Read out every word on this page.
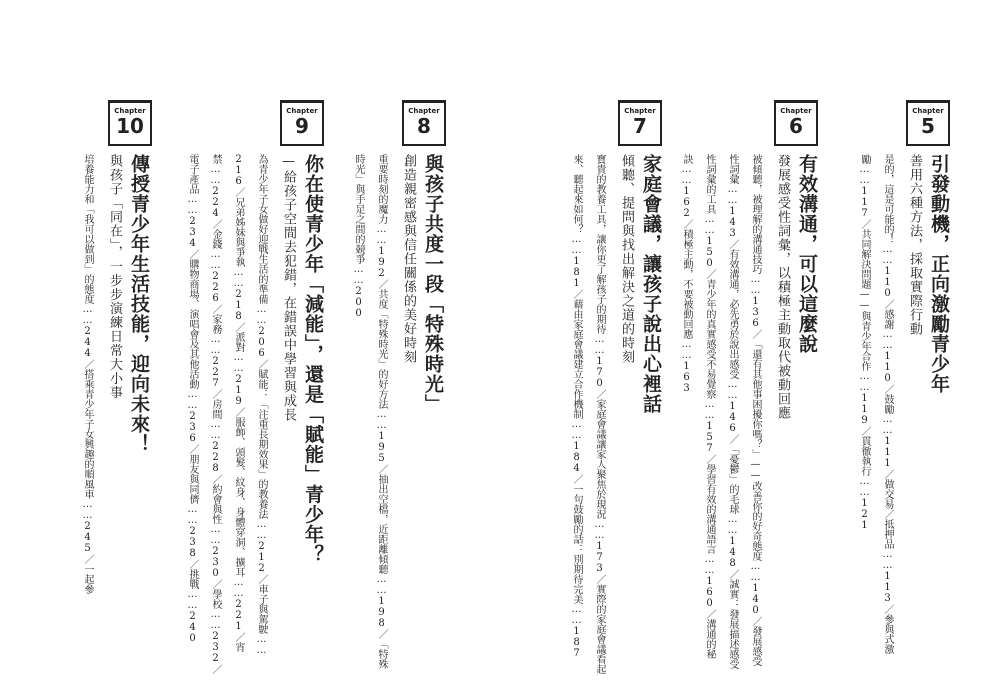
Chapter
5
引發動機，正向激勵青少年
善用六種方法，採取實際行動
是的，這是可能的！……110／感謝……110／鼓勵……111／做交易／抵押品……113／參與式激勵……117／共同解決問題——與青少年合作……119／貫徹執行……121
Chapter
6
有效溝通，可以這麼說
發展感受性詞彙，以積極主動取代被動回應
被傾聽，被理解的溝通技巧……136／「還有其他事困擾你嗎？」——改善你的好奇態度……140／發展感受性詞彙……143／有效溝通，必先勇於說出感受……146／「憂鬱」的毛球……148／誠實：發展描述感受性詞彙的工具……150／青少年的真實感受不易覺察……157／學習有效的溝通語言……160／溝通的秘訣……162／積極主動，不要被動回應……163
Chapter
7
家庭會議，讓孩子說出心裡話
傾聽、提問與找出解決之道的時刻
寶貴的教養工具，讓你更了解孩子的期待……170／家庭會議讓家人聚焦於現況……173／實際的家庭會議看起來、聽起來如何？……181／藉由家庭會議建立合作機制……184／一句鼓勵的話：別期待完美……187
Chapter
8
與孩子共度一段「特殊時光」
創造親密感與信任關係的美好時刻
重要時刻的魔力……192／共度「特殊時光」的好方法……195／抽出空檔，近距離傾聽……198／「特殊時光」與手足之間的競爭……200
Chapter
9
你在使青少年「減能」，還是「賦能」青少年？
—給孩子空間去犯錯，在錯誤中學習與成長
為青少年子女做好迎戰生活的準備……206／賦能：「注重長期效果」的教養法……212／車子與駕駛……216／兄弟姊妹與爭執……218／派對……219／服飾、頭髮、紋身、身體穿洞、擴耳……221／宵禁……224／金錢……226／家務……227／房間……228／約會與性……230／學校……232／電子產品……234／購物商場、演唱會及其他活動……236／朋友與同儕……238／挑戰……240
Chapter
10
傳授青少年生活技能，迎向未來！
與孩子「同在」，一步步演練日常大小事
培養能力和「我可以做到」的態度……244／搭乘青少年子女興趣的順風車……245／一起參
